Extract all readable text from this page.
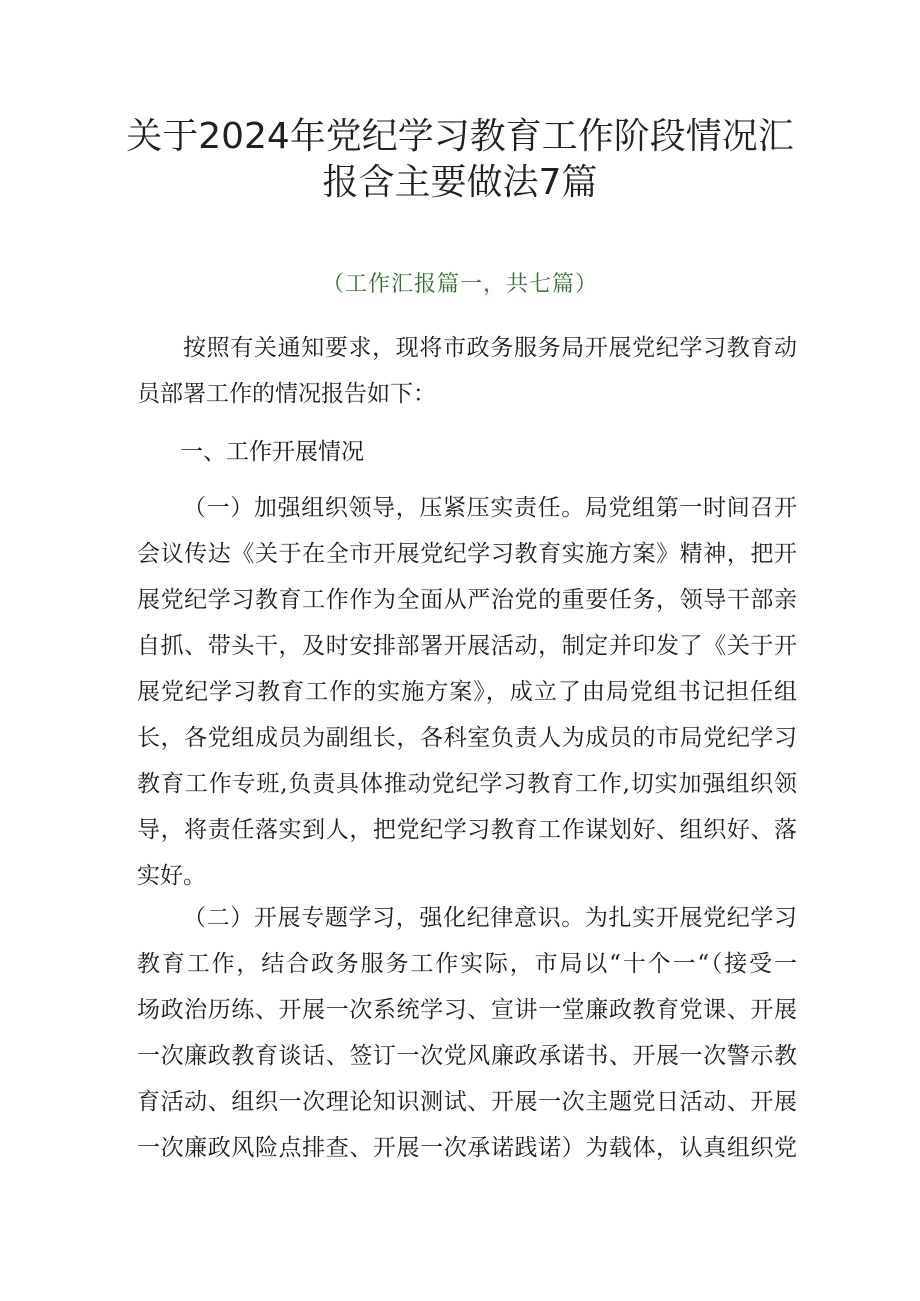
关于2024年党纪学习教育工作阶段情况汇
报含主要做法7篇
（工作汇报篇一，共七篇）
按照有关通知要求，现将市政务服务局开展党纪学习教育动
员部署工作的情况报告如下：
一、工作开展情况
（一）加强组织领导，压紧压实责任。局党组第一时间召开
会议传达《关于在全市开展党纪学习教育实施方案》精神，把开
展党纪学习教育工作作为全面从严治党的重要任务，领导干部亲
自抓、带头干，及时安排部署开展活动，制定并印发了《关于开
展党纪学习教育工作的实施方案》，成立了由局党组书记担任组
长，各党组成员为副组长，各科室负责人为成员的市局党纪学习
教育工作专班,负责具体推动党纪学习教育工作,切实加强组织领
导，将责任落实到人，把党纪学习教育工作谋划好、组织好、落
实好。
（二）开展专题学习，强化纪律意识。为扎实开展党纪学习
教育工作，结合政务服务工作实际，市局以“十个一“（接受一
场政治历练、开展一次系统学习、宣讲一堂廉政教育党课、开展
一次廉政教育谈话、签订一次党风廉政承诺书、开展一次警示教
育活动、组织一次理论知识测试、开展一次主题党日活动、开展
一次廉政风险点排查、开展一次承诺践诺）为载体，认真组织党
